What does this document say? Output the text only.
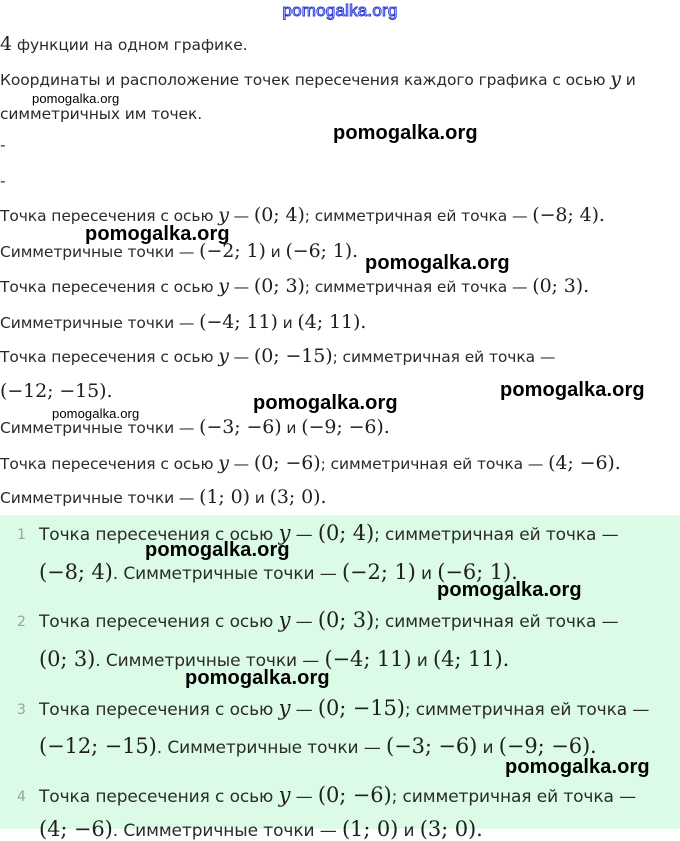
pomogalka.org
4 функции на одном графике.
Координаты и расположение точек пересечения каждого графика с осью y и
симметричных им точек.
-
-
Точка пересечения с осью y — (0; 4); симметричная ей точка — (−8; 4).
Симметричные точки — (−2; 1) и (−6; 1).
Точка пересечения с осью y — (0; 3); симметричная ей точка — (0; 3).
Симметричные точки — (−4; 11) и (4; 11).
Точка пересечения с осью y — (0; −15); симметричная ей точка —
(−12; −15).
Симметричные точки — (−3; −6) и (−9; −6).
Точка пересечения с осью y — (0; −6); симметричная ей точка — (4; −6).
Симметричные точки — (1; 0) и (3; 0).
1 Точка пересечения с осью y — (0; 4); симметричная ей точка —
(−8; 4). Симметричные точки — (−2; 1) и (−6; 1).
2 Точка пересечения с осью y — (0; 3); симметричная ей точка —
(0; 3). Симметричные точки — (−4; 11) и (4; 11).
3 Точка пересечения с осью y — (0; −15); симметричная ей точка —
(−12; −15). Симметричные точки — (−3; −6) и (−9; −6).
4 Точка пересечения с осью y — (0; −6); симметричная ей точка —
(4; −6). Симметричные точки — (1; 0) и (3; 0).
pomogalka.org
pomogalka.org
pomogalka.org
pomogalka.org
pomogalka.org
pomogalka.org
pomogalka.org
pomogalka.org
pomogalka.org
pomogalka.org
pomogalka.org
